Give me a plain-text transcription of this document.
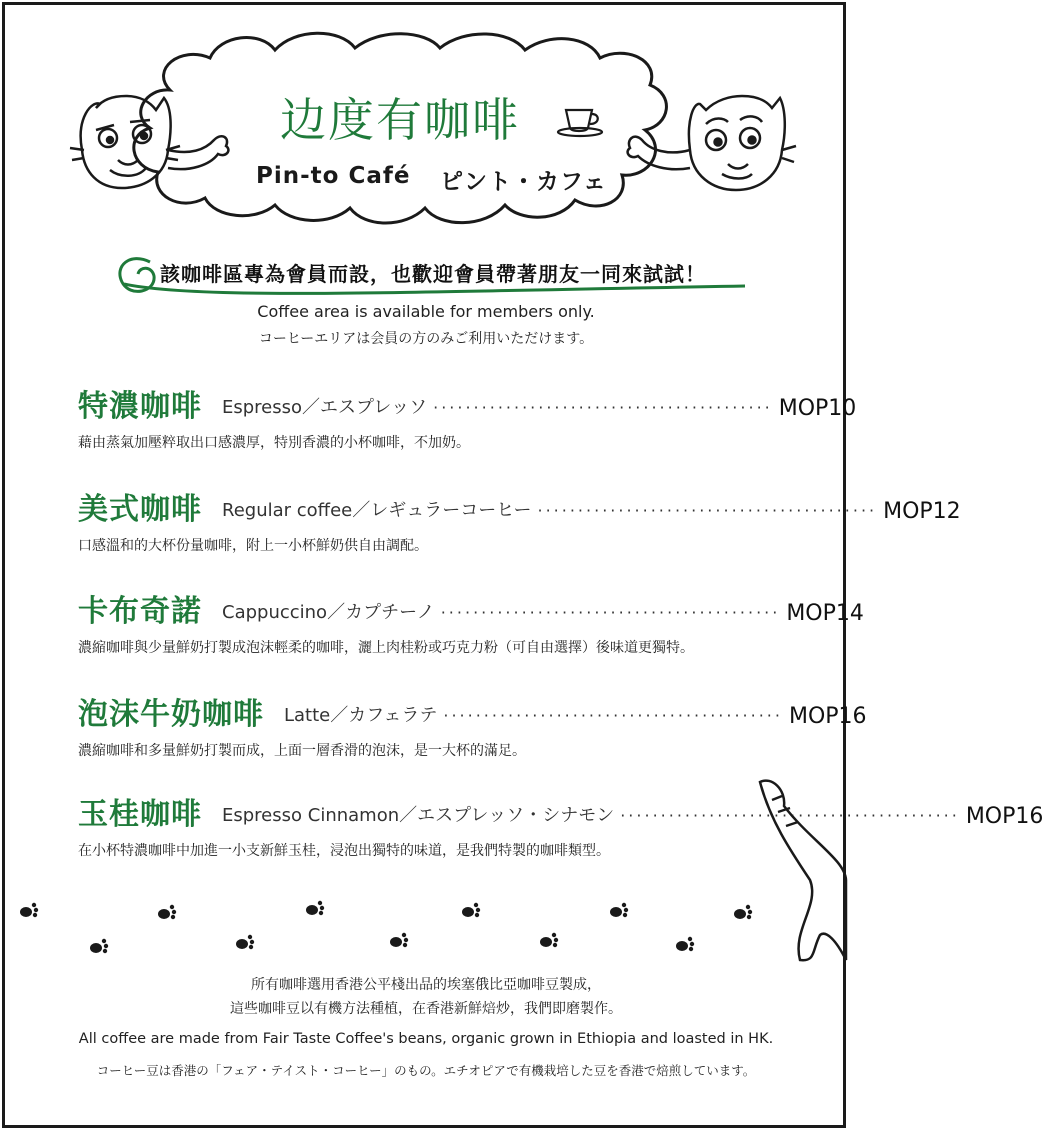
边度有咖啡
Pin-to Café ピント・カフェ
該咖啡區專為會員而設，也歡迎會員帶著朋友一同來試試！
Coffee area is available for members only.
コーヒーエリアは会員の方のみご利用いただけます。
特濃咖啡 Espresso／エスプレッソ ·········································· MOP10
藉由蒸氣加壓粹取出口感濃厚，特別香濃的小杯咖啡，不加奶。
美式咖啡 Regular coffee／レギュラーコーヒー ·········································· MOP12
口感溫和的大杯份量咖啡，附上一小杯鮮奶供自由調配。
卡布奇諾 Cappuccino／カプチーノ ·········································· MOP14
濃縮咖啡與少量鮮奶打製成泡沫輕柔的咖啡，灑上肉桂粉或巧克力粉（可自由選擇）後味道更獨特。
泡沫牛奶咖啡 Latte／カフェラテ ·········································· MOP16
濃縮咖啡和多量鮮奶打製而成，上面一層香滑的泡沫，是一大杯的滿足。
玉桂咖啡 Espresso Cinnamon／エスプレッソ・シナモン ·········································· MOP16
在小杯特濃咖啡中加進一小支新鮮玉桂，浸泡出獨特的味道，是我們特製的咖啡類型。
所有咖啡選用香港公平棧出品的埃塞俄比亞咖啡豆製成，
這些咖啡豆以有機方法種植，在香港新鮮焙炒，我們即磨製作。
All coffee are made from Fair Taste Coffee's beans, organic grown in Ethiopia and loasted in HK.
コーヒー豆は香港の「フェア・テイスト・コーヒー」のもの。エチオピアで有機栽培した豆を香港で焙煎しています。
